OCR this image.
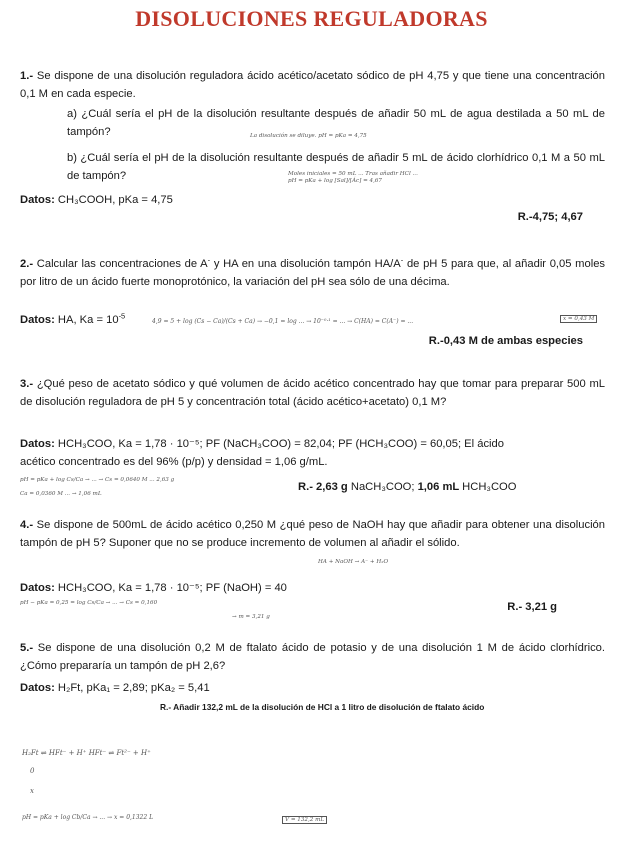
DISOLUCIONES REGULADORAS
1.- Se dispone de una disolución reguladora ácido acético/acetato sódico de pH 4,75 y que tiene una concentración 0,1 M en cada especie.
a) ¿Cuál sería el pH de la disolución resultante después de añadir 50 mL de agua destilada a 50 mL de tampón?	La disolución se diluye. pH = pKa = 4,75
b) ¿Cuál sería el pH de la disolución resultante después de añadir 5 mL de ácido clorhídrico 0,1 M a 50 mL de tampón?	Moles iniciales = 50 mL ... Tras añadir HCl ... pH = pKa + log [Sal]/[Ác] = 4,67
Datos: CH₃COOH, pKa = 4,75
R.-4,75; 4,67
2.- Calcular las concentraciones de A- y HA en una disolución tampón HA/A- de pH 5 para que, al añadir 0,05 moles por litro de un ácido fuerte monoprotónico, la variación del pH sea sólo de una décima.
Datos: HA, $Ka = 10^{-5}$
4,9 = 5 + log (Cs − Ca)/(Cs + Ca) → −0,1 = log ... → 10⁻⁰·¹ = ... → C(HA) = C(A⁻) = ...	x = 0,43 M
R.-0,43 M de ambas especies
3.- ¿Qué peso de acetato sódico y qué volumen de ácido acético concentrado hay que tomar para preparar 500 mL de disolución reguladora de pH 5 y concentración total (ácido acético+acetato) 0,1 M?
Datos: HCH₃COO, Ka = 1,78 · 10⁻⁵; PF (NaCH₃COO) = 82,04; PF (HCH₃COO) = 60,05; El ácido
acético concentrado es del 96% (p/p) y densidad = 1,06 g/mL.
pH = pKa + log Cs/Ca → ... → Cs = 0,0640 M ... 2,63 g
Ca = 0,0360 M ... → 1,06 mL
R.- 2,63 g NaCH₃COO; 1,06 mL HCH₃COO
4.- Se dispone de 500mL de ácido acético 0,250 M ¿qué peso de NaOH hay que añadir para obtener una disolución tampón de pH 5? Suponer que no se produce incremento de volumen al añadir el sólido.
HA + NaOH → A⁻ + H₂O
Datos: HCH₃COO, Ka = 1,78 · 10⁻⁵; PF (NaOH) = 40
pH − pKa = 0,25 = log Cs/Ca → ... → Cs = 0,160
→ m = 3,21 g
R.- 3,21 g
5.- Se dispone de una disolución 0,2 M de ftalato ácido de potasio y de una disolución 1 M de ácido clorhídrico. ¿Cómo prepararía un tampón de pH 2,6?
Datos: H₂Ft, pKa₁ = 2,89; pKa₂ = 5,41
R.- Añadir 132,2 mL de la disolución de HCl a 1 litro de disolución de ftalato ácido
H₂Ft ⇌ HFt⁻ + H⁺ HFt⁻ ⇌ Ft²⁻ + H⁺
0
x
pH = pKa + log Cb/Ca → ... → x = 0,1322 L	V = 132,2 mL
